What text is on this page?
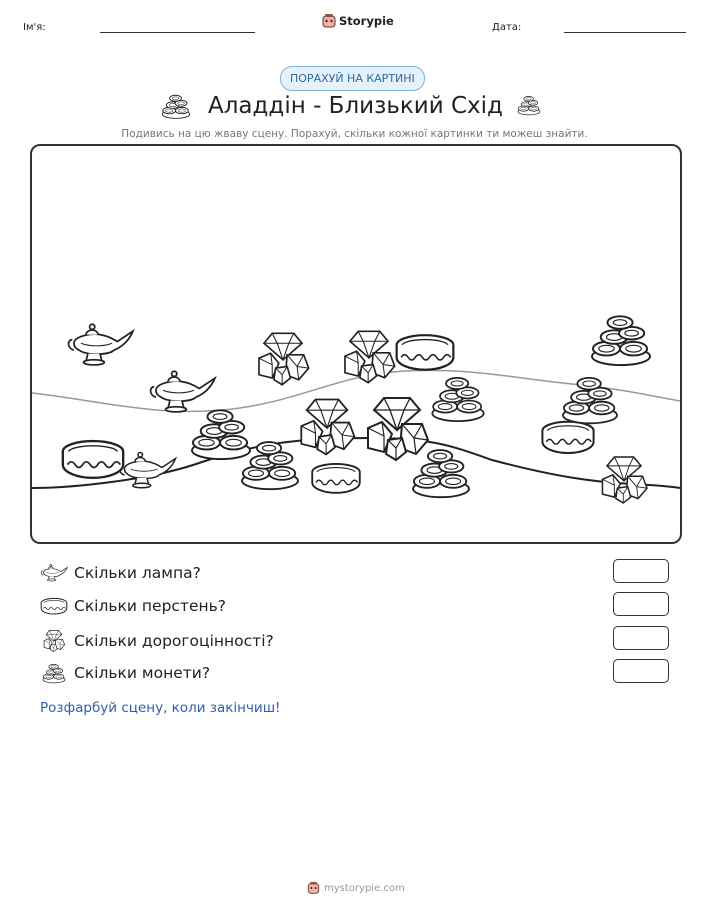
Ім'я:	Storypie	Дата:
ПОРАХУЙ НА КАРТИНІ
Аладдін - Близький Схід
Подивись на цю жваву сцену. Порахуй, скільки кожної картинки ти можеш знайти.
Скільки лампа?
Скільки перстень?
Скільки дорогоцінності?
Скільки монети?
Розфарбуй сцену, коли закінчиш!
mystorypie.com
